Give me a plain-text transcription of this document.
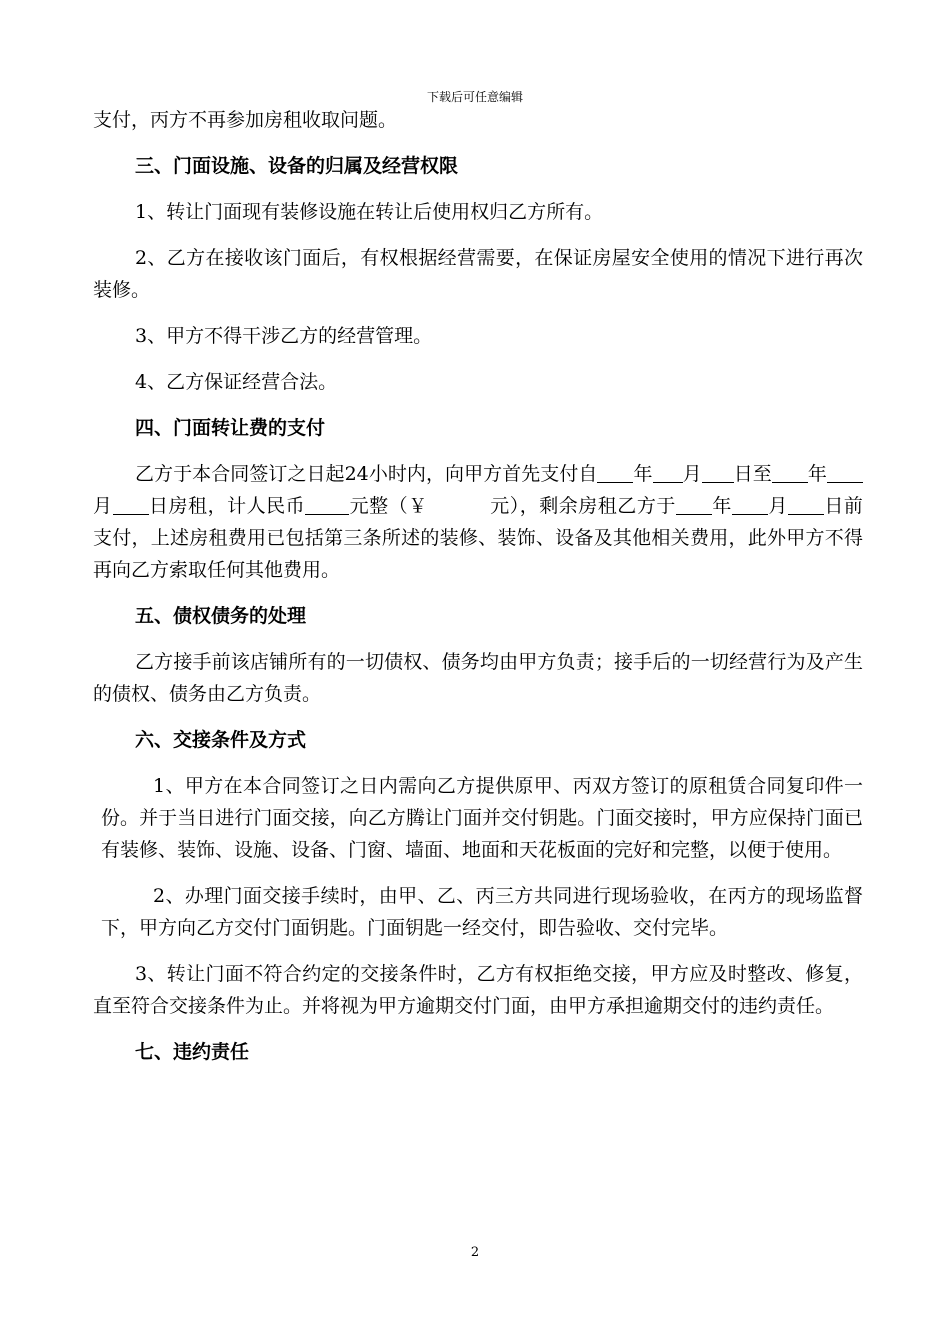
下载后可任意编辑

支付，丙方不再参加房租收取问题。

三、门面设施、设备的归属及经营权限

1、转让门面现有装修设施在转让后使用权归乙方所有。

2、乙方在接收该门面后，有权根据经营需要，在保证房屋安全使用的情况下进行再次装修。

3、甲方不得干涉乙方的经营管理。

4、乙方保证经营合法。

四、门面转让费的支付

乙方于本合同签订之日起24小时内，向甲方首先支付自 年 月 日至 年月 日房租，计人民币 元整（￥	元），剩余房租乙方于 年 月 日前支付，上述房租费用已包括第三条所述的装修、装饰、设备及其他相关费用，此外甲方不得再向乙方索取任何其他费用。

五、债权债务的处理

乙方接手前该店铺所有的一切债权、债务均由甲方负责；接手后的一切经营行为及产生的债权、债务由乙方负责。

六、交接条件及方式

1、甲方在本合同签订之日内需向乙方提供原甲、丙双方签订的原租赁合同复印件一份。并于当日进行门面交接，向乙方腾让门面并交付钥匙。门面交接时，甲方应保持门面已有装修、装饰、设施、设备、门窗、墙面、地面和天花板面的完好和完整，以便于使用。

2、办理门面交接手续时，由甲、乙、丙三方共同进行现场验收，在丙方的现场监督下，甲方向乙方交付门面钥匙。门面钥匙一经交付，即告验收、交付完毕。

3、转让门面不符合约定的交接条件时，乙方有权拒绝交接，甲方应及时整改、修复，直至符合交接条件为止。并将视为甲方逾期交付门面，由甲方承担逾期交付的违约责任。

七、违约责任

2
